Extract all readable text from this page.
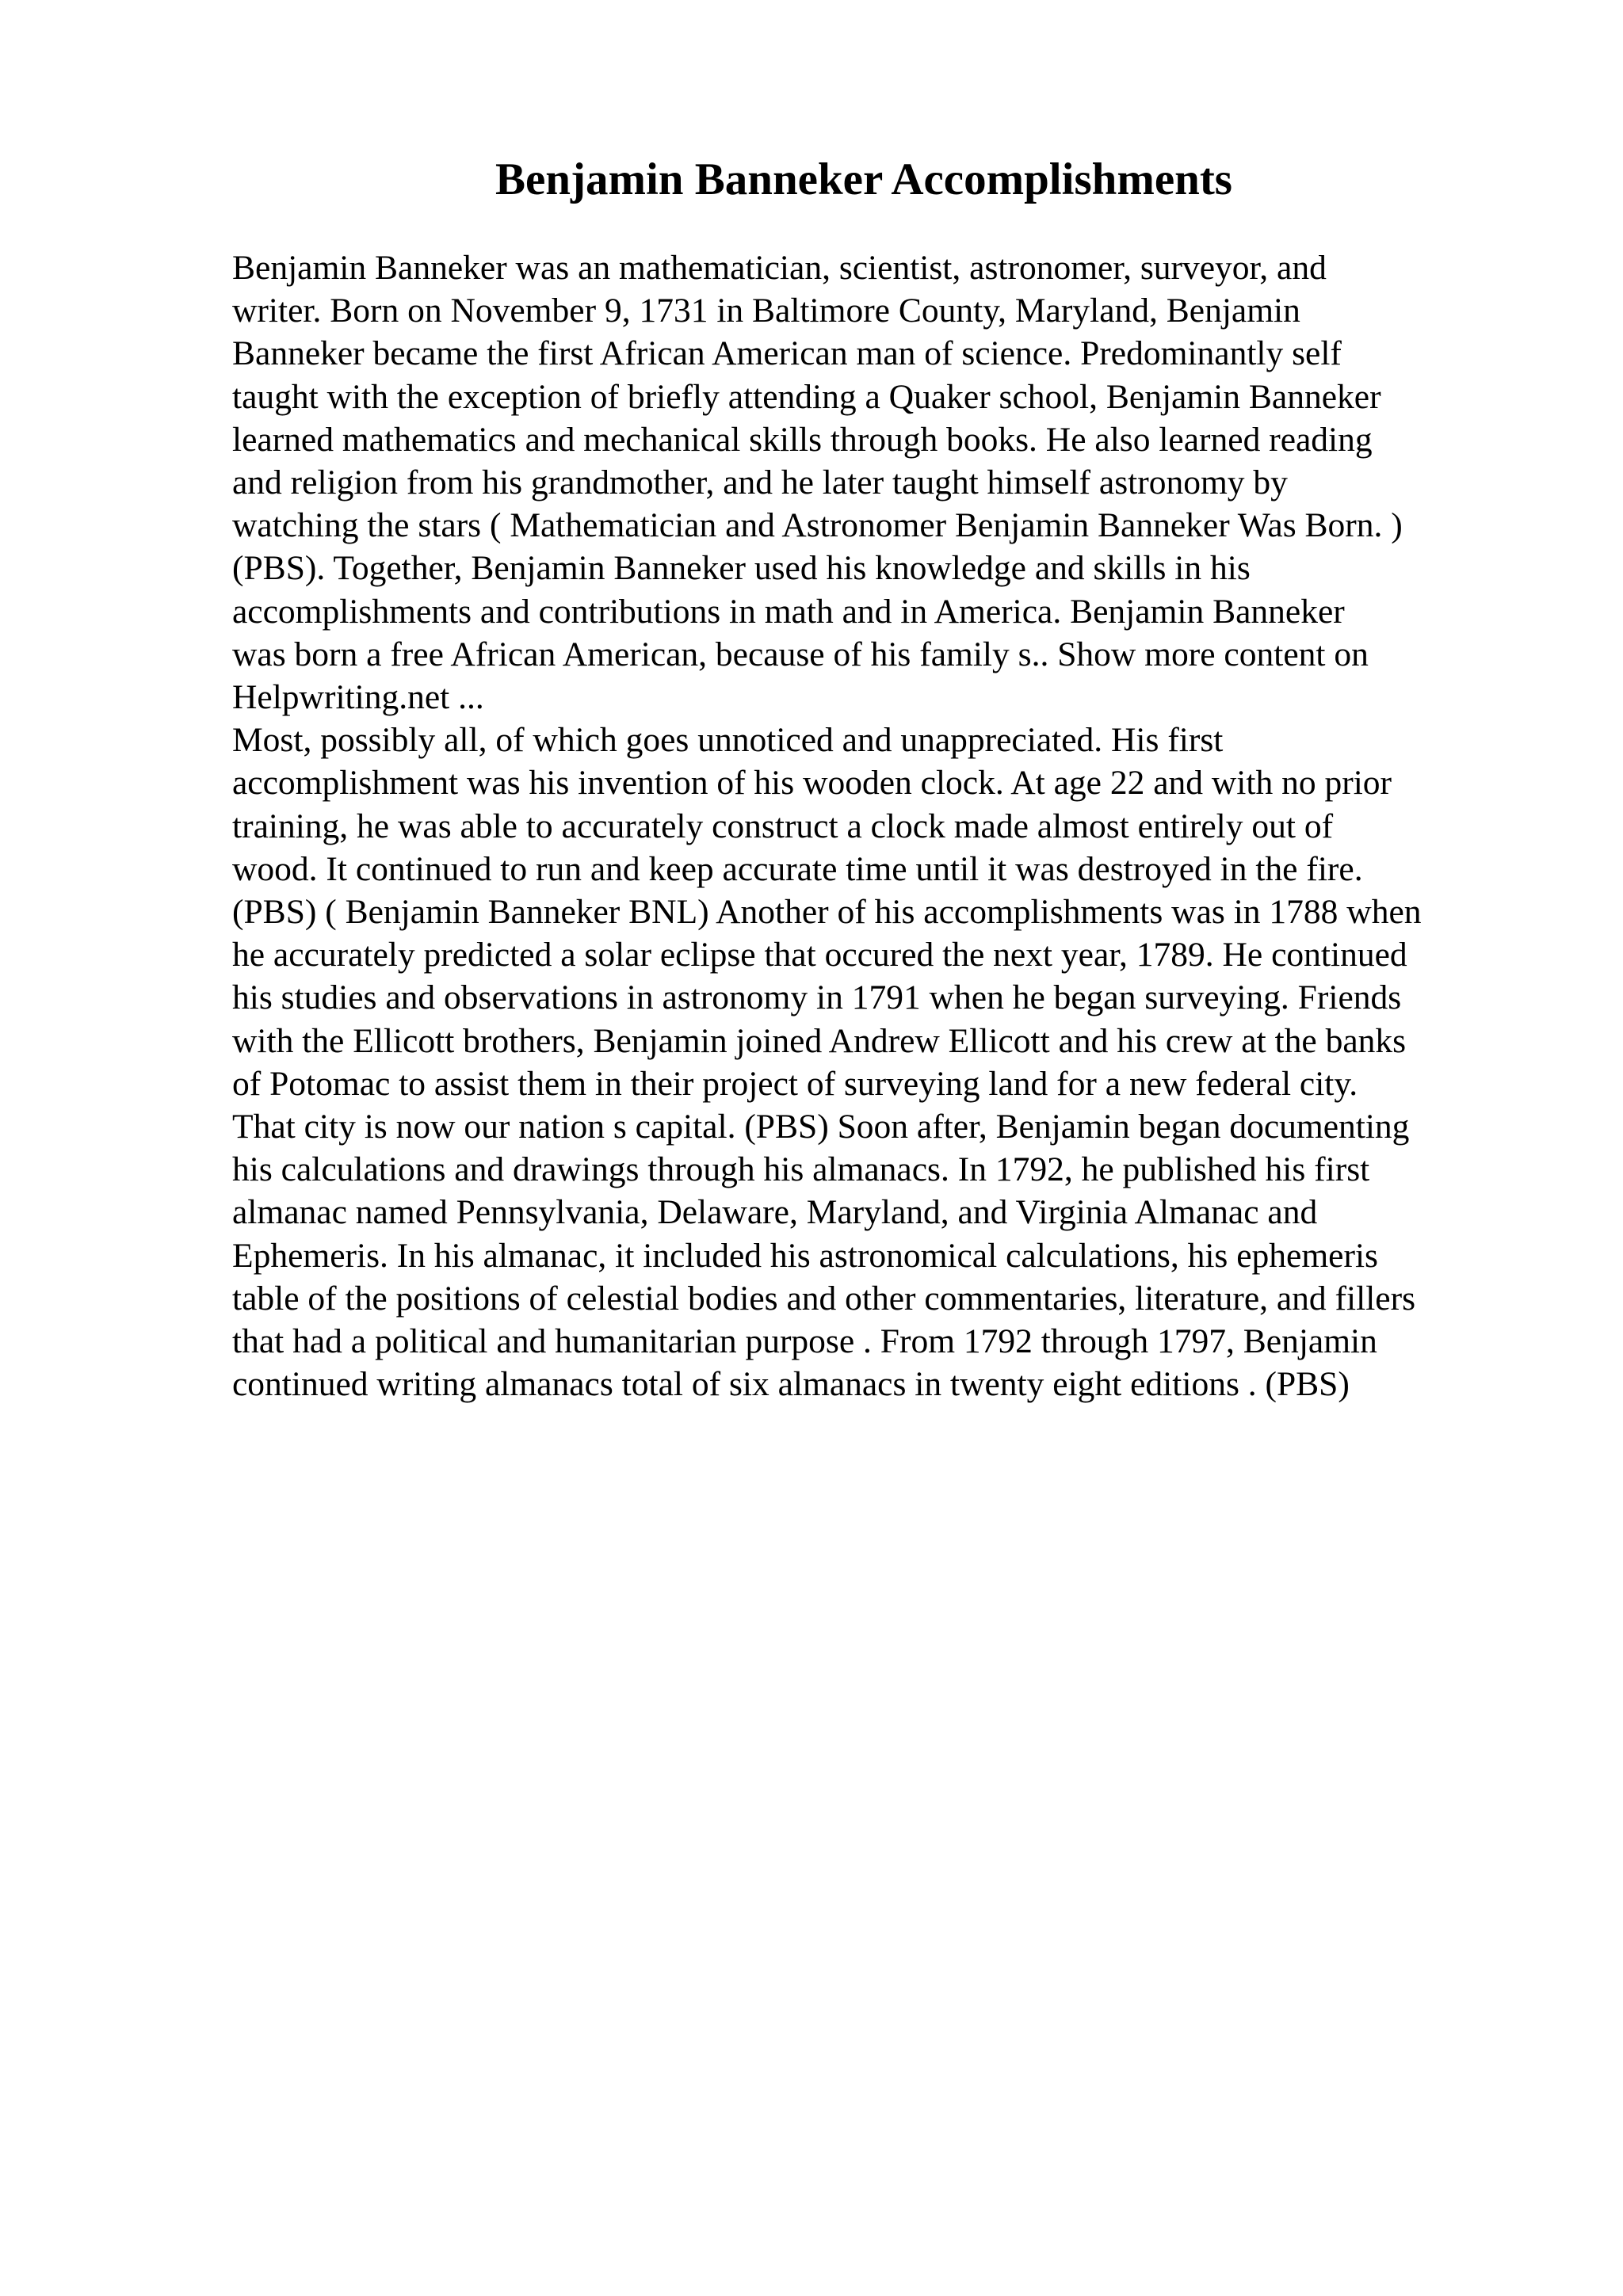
Benjamin Banneker Accomplishments
Benjamin Banneker was an mathematician, scientist, astronomer, surveyor, and
writer. Born on November 9, 1731 in Baltimore County, Maryland, Benjamin
Banneker became the first African American man of science. Predominantly self
taught with the exception of briefly attending a Quaker school, Benjamin Banneker
learned mathematics and mechanical skills through books. He also learned reading
and religion from his grandmother, and he later taught himself astronomy by
watching the stars ( Mathematician and Astronomer Benjamin Banneker Was Born. )
(PBS). Together, Benjamin Banneker used his knowledge and skills in his
accomplishments and contributions in math and in America. Benjamin Banneker
was born a free African American, because of his family s.. Show more content on
Helpwriting.net ...
Most, possibly all, of which goes unnoticed and unappreciated. His first
accomplishment was his invention of his wooden clock. At age 22 and with no prior
training, he was able to accurately construct a clock made almost entirely out of
wood. It continued to run and keep accurate time until it was destroyed in the fire.
(PBS) ( Benjamin Banneker BNL) Another of his accomplishments was in 1788 when
he accurately predicted a solar eclipse that occured the next year, 1789. He continued
his studies and observations in astronomy in 1791 when he began surveying. Friends
with the Ellicott brothers, Benjamin joined Andrew Ellicott and his crew at the banks
of Potomac to assist them in their project of surveying land for a new federal city.
That city is now our nation s capital. (PBS) Soon after, Benjamin began documenting
his calculations and drawings through his almanacs. In 1792, he published his first
almanac named Pennsylvania, Delaware, Maryland, and Virginia Almanac and
Ephemeris. In his almanac, it included his astronomical calculations, his ephemeris
table of the positions of celestial bodies and other commentaries, literature, and fillers
that had a political and humanitarian purpose . From 1792 through 1797, Benjamin
continued writing almanacs total of six almanacs in twenty eight editions . (PBS)
